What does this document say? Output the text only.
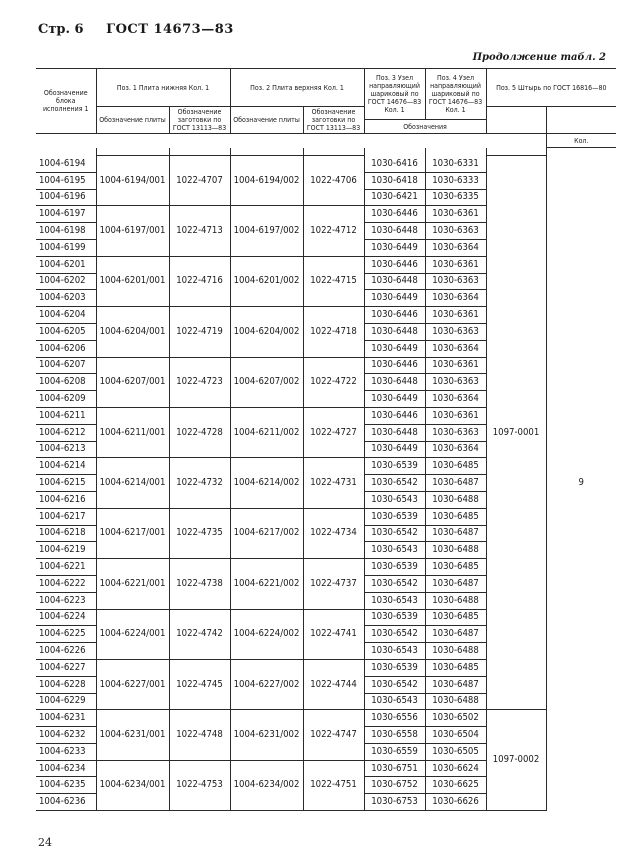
Стр. 6 ГОСТ 14673—83
Продолжение табл. 2
Обозначение блока исполнения 1	Поз. 1 Плита нижняя Кол. 1		Поз. 2 Плита верхняя Кол. 1		Поз. 3 Узел направляющий шариковый по ГОСТ 14676—83 Кол. 1	Поз. 4 Узел направляющий шариковый по ГОСТ 14676—83 Кол. 1	Поз. 5 Штырь по ГОСТ 16816—80	
	Обозначение плиты	Обозначение заготовки по ГОСТ 13113—83	Обозначение плиты	Обозначение заготовки по ГОСТ 13113—83				
					Обозначения			
			Кол.

1004-6194	1004-6194/001	1022-4707	1004-6194/002	1022-4706	1030-6416	1030-6331	1097-0001	9
1004-6195					1030-6418	1030-6333		
1004-6196					1030-6421	1030-6335		
1004-6197	1004-6197/001	1022-4713	1004-6197/002	1022-4712	1030-6446	1030-6361		
1004-6198					1030-6448	1030-6363		
1004-6199					1030-6449	1030-6364		
1004-6201	1004-6201/001	1022-4716	1004-6201/002	1022-4715	1030-6446	1030-6361		
1004-6202					1030-6448	1030-6363		
1004-6203					1030-6449	1030-6364		
1004-6204	1004-6204/001	1022-4719	1004-6204/002	1022-4718	1030-6446	1030-6361		
1004-6205					1030-6448	1030-6363		
1004-6206					1030-6449	1030-6364		
1004-6207	1004-6207/001	1022-4723	1004-6207/002	1022-4722	1030-6446	1030-6361		
1004-6208					1030-6448	1030-6363		
1004-6209					1030-6449	1030-6364		
1004-6211	1004-6211/001	1022-4728	1004-6211/002	1022-4727	1030-6446	1030-6361		
1004-6212					1030-6448	1030-6363		
1004-6213					1030-6449	1030-6364		
1004-6214	1004-6214/001	1022-4732	1004-6214/002	1022-4731	1030-6539	1030-6485		
1004-6215					1030-6542	1030-6487		
1004-6216					1030-6543	1030-6488		
1004-6217	1004-6217/001	1022-4735	1004-6217/002	1022-4734	1030-6539	1030-6485		
1004-6218					1030-6542	1030-6487		
1004-6219					1030-6543	1030-6488		
1004-6221	1004-6221/001	1022-4738	1004-6221/002	1022-4737	1030-6539	1030-6485		
1004-6222					1030-6542	1030-6487		
1004-6223					1030-6543	1030-6488		
1004-6224	1004-6224/001	1022-4742	1004-6224/002	1022-4741	1030-6539	1030-6485		
1004-6225					1030-6542	1030-6487		
1004-6226					1030-6543	1030-6488		
1004-6227	1004-6227/001	1022-4745	1004-6227/002	1022-4744	1030-6539	1030-6485		
1004-6228					1030-6542	1030-6487		
1004-6229					1030-6543	1030-6488		
1004-6231	1004-6231/001	1022-4748	1004-6231/002	1022-4747	1030-6556	1030-6502	1097-0002	
1004-6232					1030-6558	1030-6504		
1004-6233					1030-6559	1030-6505		
1004-6234	1004-6234/001	1022-4753	1004-6234/002	1022-4751	1030-6751	1030-6624		
1004-6235					1030-6752	1030-6625		
1004-6236					1030-6753	1030-6626		
24
